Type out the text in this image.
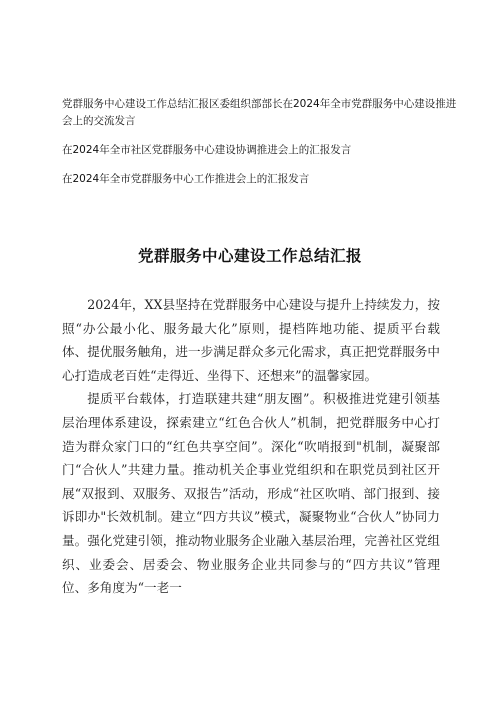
党群服务中心建设工作总结汇报区委组织部部长在2024年全市党群服务中心建设推进会上的交流发言
在2024年全市社区党群服务中心建设协调推进会上的汇报发言
在2024年全市党群服务中心工作推进会上的汇报发言
党群服务中心建设工作总结汇报

2024年，XX县坚持在党群服务中心建设与提升上持续发力，按照“办公最小化、服务最大化”原则，提档阵地功能、提质平台载体、提优服务触角，进一步满足群众多元化需求，真正把党群服务中心打造成老百姓“走得近、坐得下、还想来”的温馨家园。

提质平台载体，打造联建共建“朋友圈”。积极推进党建引领基层治理体系建设，探索建立“红色合伙人”机制，把党群服务中心打造为群众家门口的“红色共享空间”。深化“吹哨报到"机制，凝聚部门“合伙人”共建力量。推动机关企事业党组织和在职党员到社区开展“双报到、双服务、双报告”活动，形成“社区吹哨、部门报到、接诉即办"长效机制。建立“四方共议”模式，凝聚物业“合伙人”协同力量。强化党建引领，推动物业服务企业融入基层治理，完善社区党组织、业委会、居委会、物业服务企业共同参与的“四方共议”管理位、多角度为“一老一
